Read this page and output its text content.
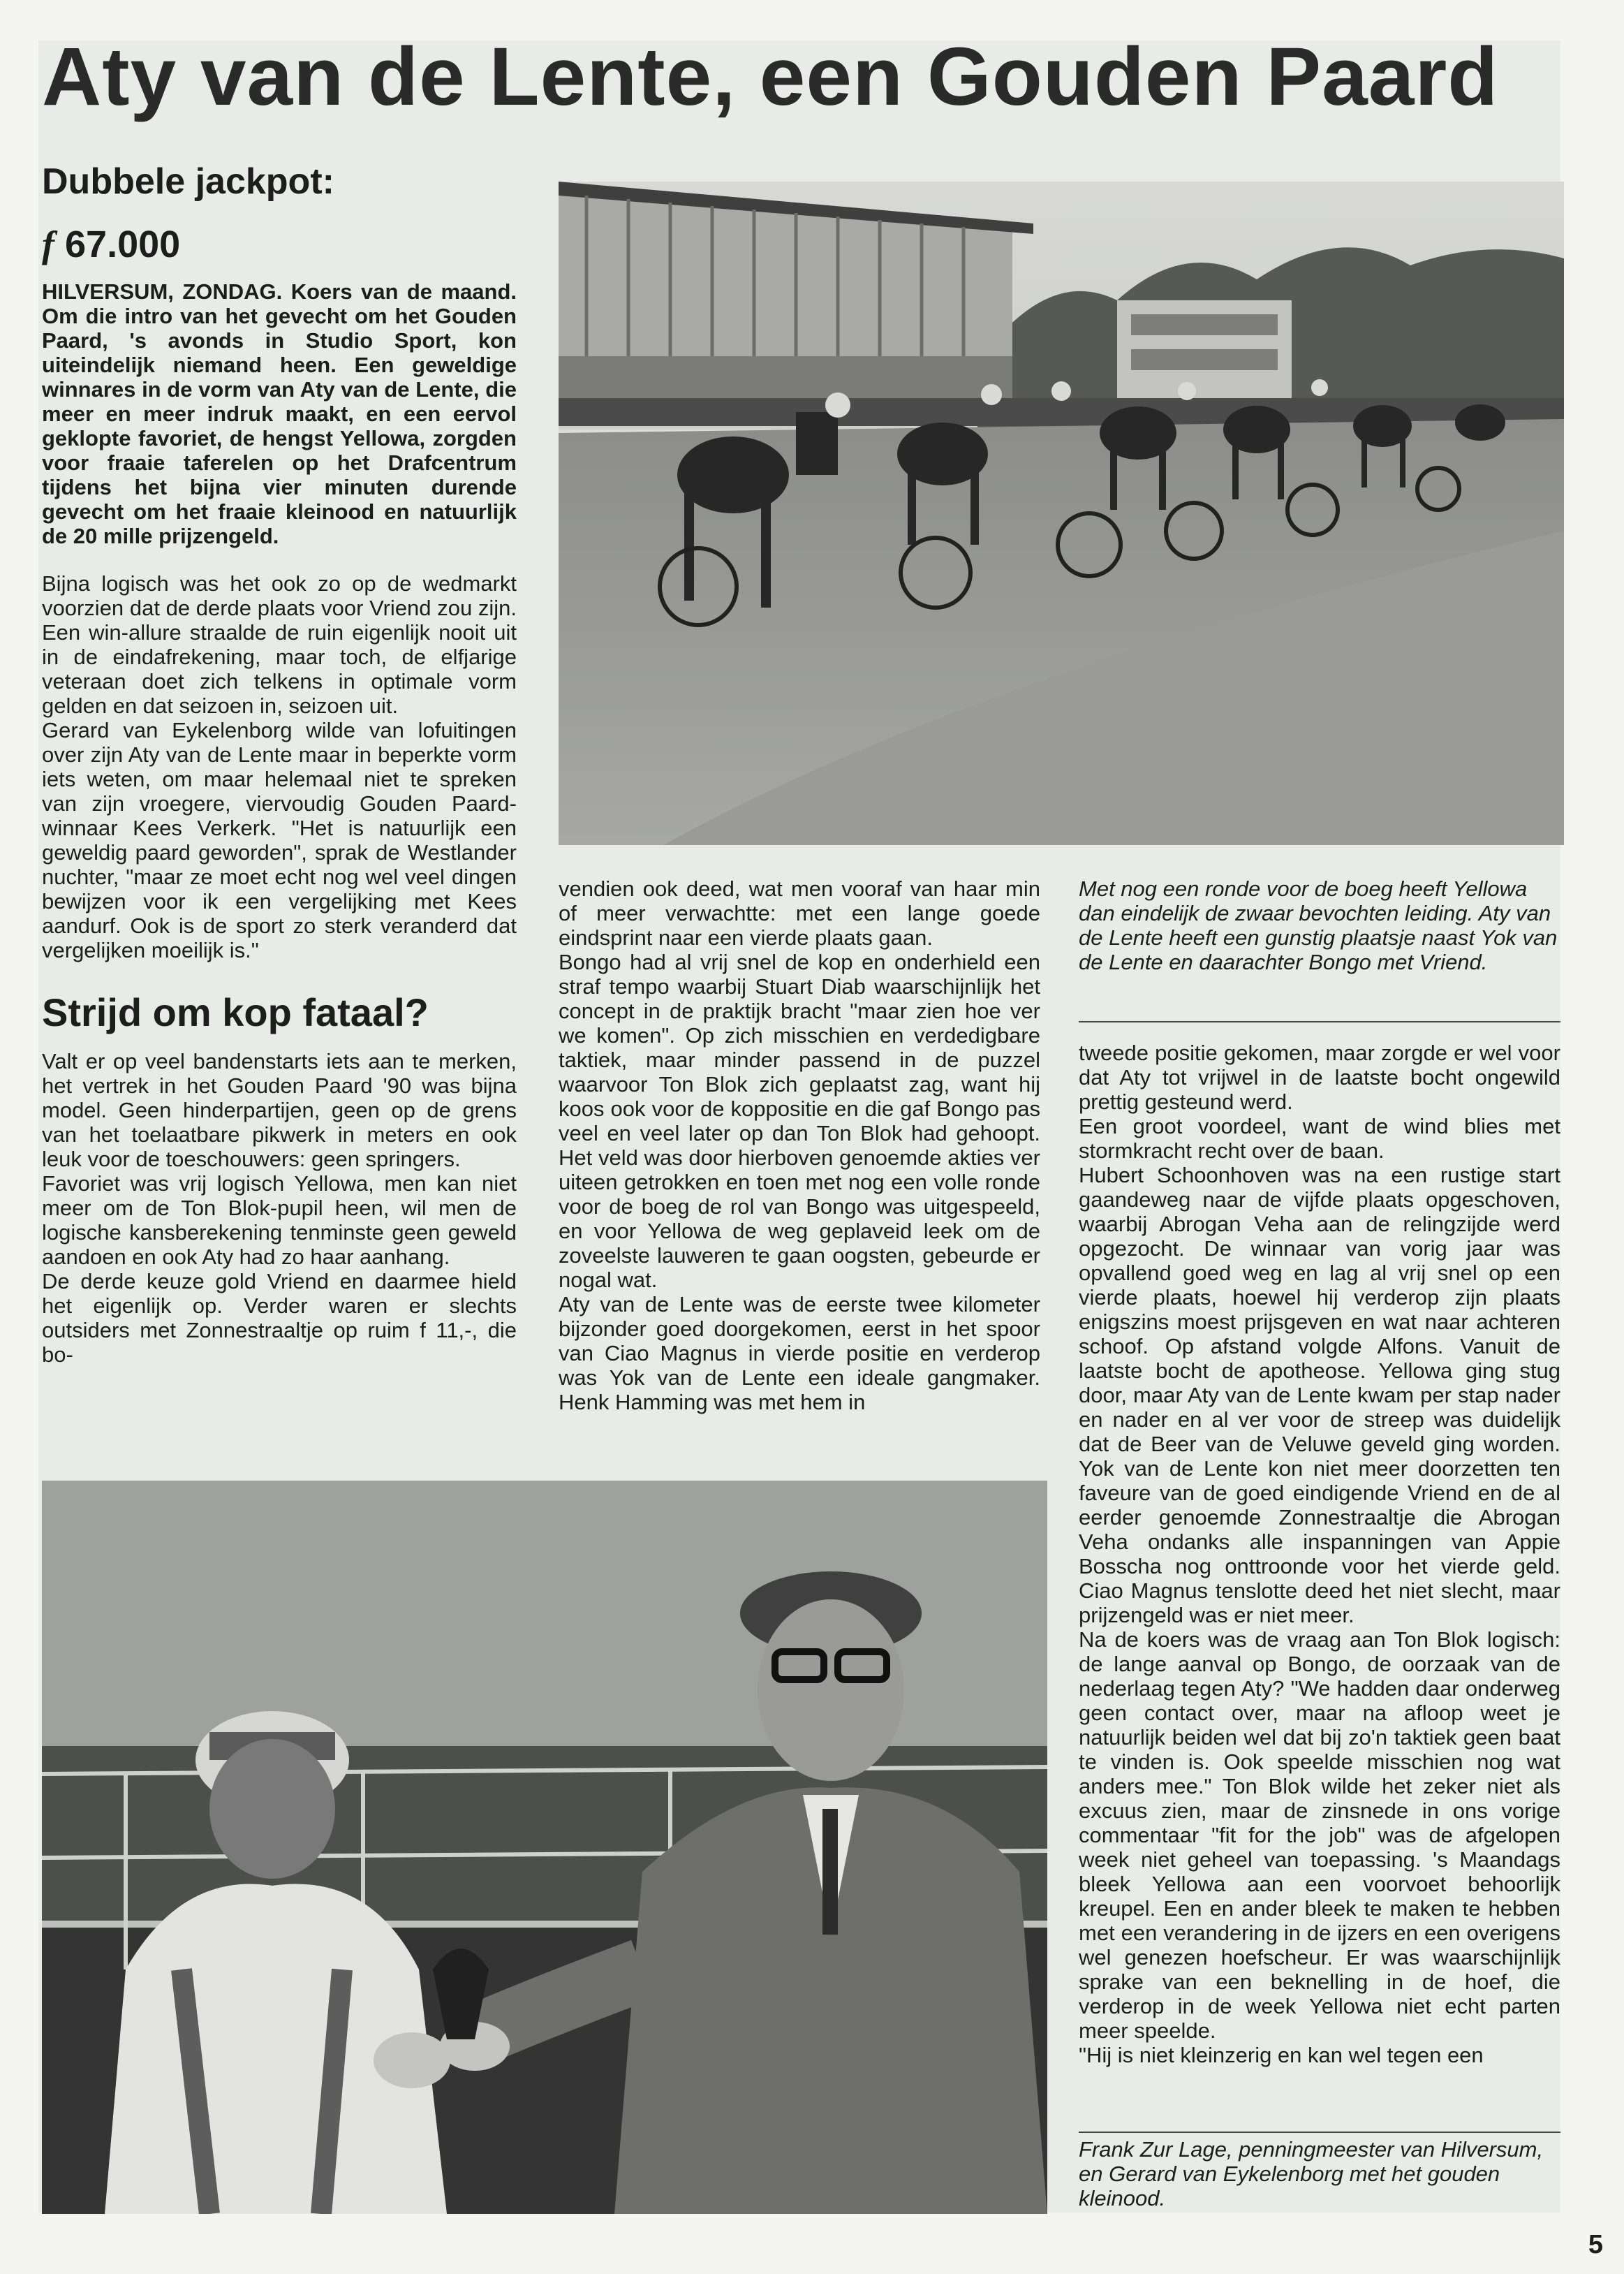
Aty van de Lente, een Gouden Paard

Dubbele jackpot:

f 67.000

HILVERSUM, ZONDAG. Koers van de maand. Om die intro van het gevecht om het Gouden Paard, 's avonds in Studio Sport, kon uiteindelijk niemand heen. Een geweldige winnares in de vorm van Aty van de Lente, die meer en meer indruk maakt, en een eervol geklopte favoriet, de hengst Yellowa, zorgden voor fraaie taferelen op het Drafcentrum tijdens het bijna vier minuten durende gevecht om het fraaie kleinood en natuurlijk de 20 mille prijzengeld.

Bijna logisch was het ook zo op de wedmarkt voorzien dat de derde plaats voor Vriend zou zijn. Een win-allure straalde de ruin eigenlijk nooit uit in de eindafrekening, maar toch, de elfjarige veteraan doet zich telkens in optimale vorm gelden en dat seizoen in, seizoen uit.

Gerard van Eykelenborg wilde van lofuitingen over zijn Aty van de Lente maar in beperkte vorm iets weten, om maar helemaal niet te spreken van zijn vroegere, viervoudig Gouden Paard-winnaar Kees Verkerk. "Het is natuurlijk een geweldig paard geworden", sprak de Westlander nuchter, "maar ze moet echt nog wel veel dingen bewijzen voor ik een vergelijking met Kees aandurf. Ook is de sport zo sterk veranderd dat vergelijken moeilijk is."

Strijd om kop fataal?

Valt er op veel bandenstarts iets aan te merken, het vertrek in het Gouden Paard '90 was bijna model. Geen hinderpartijen, geen op de grens van het toelaatbare pikwerk in meters en ook leuk voor de toeschouwers: geen springers.

Favoriet was vrij logisch Yellowa, men kan niet meer om de Ton Blok-pupil heen, wil men de logische kansberekening tenminste geen geweld aandoen en ook Aty had zo haar aanhang.

De derde keuze gold Vriend en daarmee hield het eigenlijk op. Verder waren er slechts outsiders met Zonnestraaltje op ruim f 11,-, die bo-

vendien ook deed, wat men vooraf van haar min of meer verwachtte: met een lange goede eindsprint naar een vierde plaats gaan.

Bongo had al vrij snel de kop en onderhield een straf tempo waarbij Stuart Diab waarschijnlijk het concept in de praktijk bracht "maar zien hoe ver we komen". Op zich misschien en verdedigbare taktiek, maar minder passend in de puzzel waarvoor Ton Blok zich geplaatst zag, want hij koos ook voor de koppositie en die gaf Bongo pas veel en veel later op dan Ton Blok had gehoopt. Het veld was door hierboven genoemde akties ver uiteen getrokken en toen met nog een volle ronde voor de boeg de rol van Bongo was uitgespeeld, en voor Yellowa de weg geplaveid leek om de zoveelste lauweren te gaan oogsten, gebeurde er nogal wat.

Aty van de Lente was de eerste twee kilometer bijzonder goed doorgekomen, eerst in het spoor van Ciao Magnus in vierde positie en verderop was Yok van de Lente een ideale gangmaker. Henk Hamming was met hem in

Met nog een ronde voor de boeg heeft Yellowa dan eindelijk de zwaar bevochten leiding. Aty van de Lente heeft een gunstig plaatsje naast Yok van de Lente en daarachter Bongo met Vriend.

tweede positie gekomen, maar zorgde er wel voor dat Aty tot vrijwel in de laatste bocht ongewild prettig gesteund werd.

Een groot voordeel, want de wind blies met stormkracht recht over de baan.

Hubert Schoonhoven was na een rustige start gaandeweg naar de vijfde plaats opgeschoven, waarbij Abrogan Veha aan de relingzijde werd opgezocht. De winnaar van vorig jaar was opvallend goed weg en lag al vrij snel op een vierde plaats, hoewel hij verderop zijn plaats enigszins moest prijsgeven en wat naar achteren schoof. Op afstand volgde Alfons. Vanuit de laatste bocht de apotheose. Yellowa ging stug door, maar Aty van de Lente kwam per stap nader en nader en al ver voor de streep was duidelijk dat de Beer van de Veluwe geveld ging worden. Yok van de Lente kon niet meer doorzetten ten faveure van de goed eindigende Vriend en de al eerder genoemde Zonnestraaltje die Abrogan Veha ondanks alle inspanningen van Appie Bosscha nog onttroonde voor het vierde geld. Ciao Magnus tenslotte deed het niet slecht, maar prijzengeld was er niet meer.

Na de koers was de vraag aan Ton Blok logisch: de lange aanval op Bongo, de oorzaak van de nederlaag tegen Aty? "We hadden daar onderweg geen contact over, maar na afloop weet je natuurlijk beiden wel dat bij zo'n taktiek geen baat te vinden is. Ook speelde misschien nog wat anders mee." Ton Blok wilde het zeker niet als excuus zien, maar de zinsnede in ons vorige commentaar "fit for the job" was de afgelopen week niet geheel van toepassing. 's Maandags bleek Yellowa aan een voorvoet behoorlijk kreupel. Een en ander bleek te maken te hebben met een verandering in de ijzers en een overigens wel genezen hoefscheur. Er was waarschijnlijk sprake van een beknelling in de hoef, die verderop in de week Yellowa niet echt parten meer speelde.

"Hij is niet kleinzerig en kan wel tegen een

Frank Zur Lage, penningmeester van Hilversum, en Gerard van Eykelenborg met het gouden kleinood.
5
